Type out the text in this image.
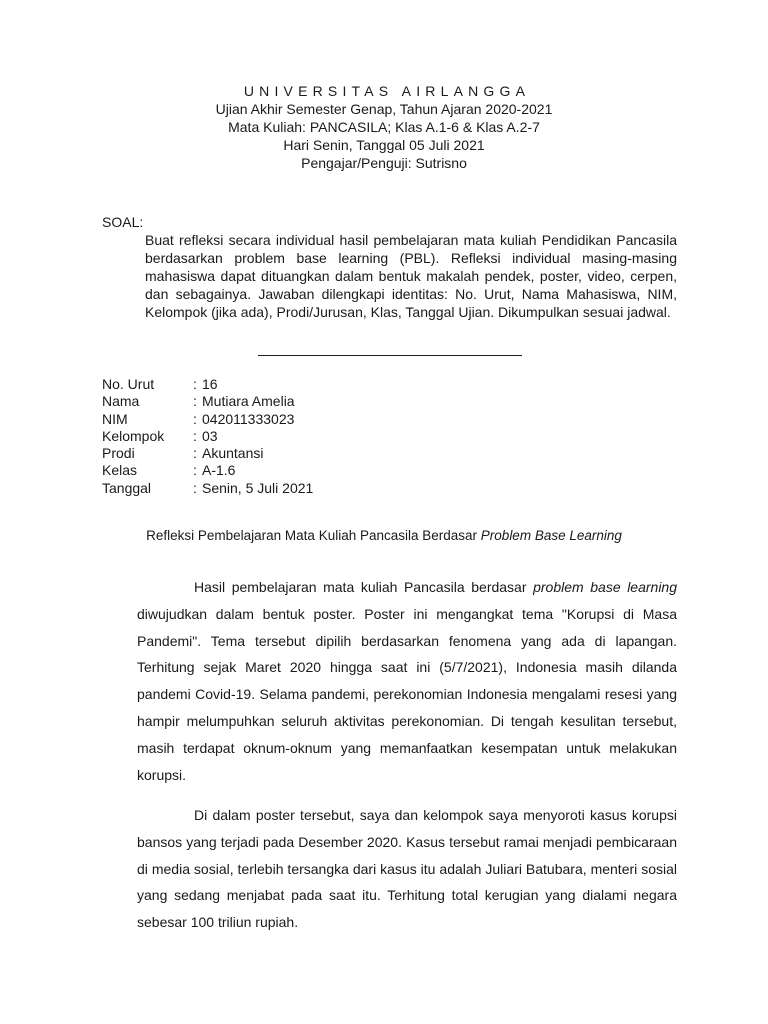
UNIVERSITAS AIRLANGGA
Ujian Akhir Semester Genap, Tahun Ajaran 2020-2021
Mata Kuliah: PANCASILA; Klas A.1-6 & Klas A.2-7
Hari Senin, Tanggal 05 Juli 2021
Pengajar/Penguji: Sutrisno
SOAL:
Buat refleksi secara individual hasil pembelajaran mata kuliah Pendidikan Pancasila berdasarkan problem base learning (PBL). Refleksi individual masing-masing mahasiswa dapat dituangkan dalam bentuk makalah pendek, poster, video, cerpen, dan sebagainya. Jawaban dilengkapi identitas: No. Urut, Nama Mahasiswa, NIM, Kelompok (jika ada), Prodi/Jurusan, Klas, Tanggal Ujian. Dikumpulkan sesuai jadwal.
No. Urut	: 16
Nama	: Mutiara Amelia
NIM	: 042011333023
Kelompok	: 03
Prodi	: Akuntansi
Kelas	: A-1.6
Tanggal	: Senin, 5 Juli 2021
Refleksi Pembelajaran Mata Kuliah Pancasila Berdasar Problem Base Learning
Hasil pembelajaran mata kuliah Pancasila berdasar problem base learning diwujudkan dalam bentuk poster. Poster ini mengangkat tema "Korupsi di Masa Pandemi". Tema tersebut dipilih berdasarkan fenomena yang ada di lapangan. Terhitung sejak Maret 2020 hingga saat ini (5/7/2021), Indonesia masih dilanda pandemi Covid-19. Selama pandemi, perekonomian Indonesia mengalami resesi yang hampir melumpuhkan seluruh aktivitas perekonomian. Di tengah kesulitan tersebut, masih terdapat oknum-oknum yang memanfaatkan kesempatan untuk melakukan korupsi.
Di dalam poster tersebut, saya dan kelompok saya menyoroti kasus korupsi bansos yang terjadi pada Desember 2020. Kasus tersebut ramai menjadi pembicaraan di media sosial, terlebih tersangka dari kasus itu adalah Juliari Batubara, menteri sosial yang sedang menjabat pada saat itu. Terhitung total kerugian yang dialami negara sebesar 100 triliun rupiah.
